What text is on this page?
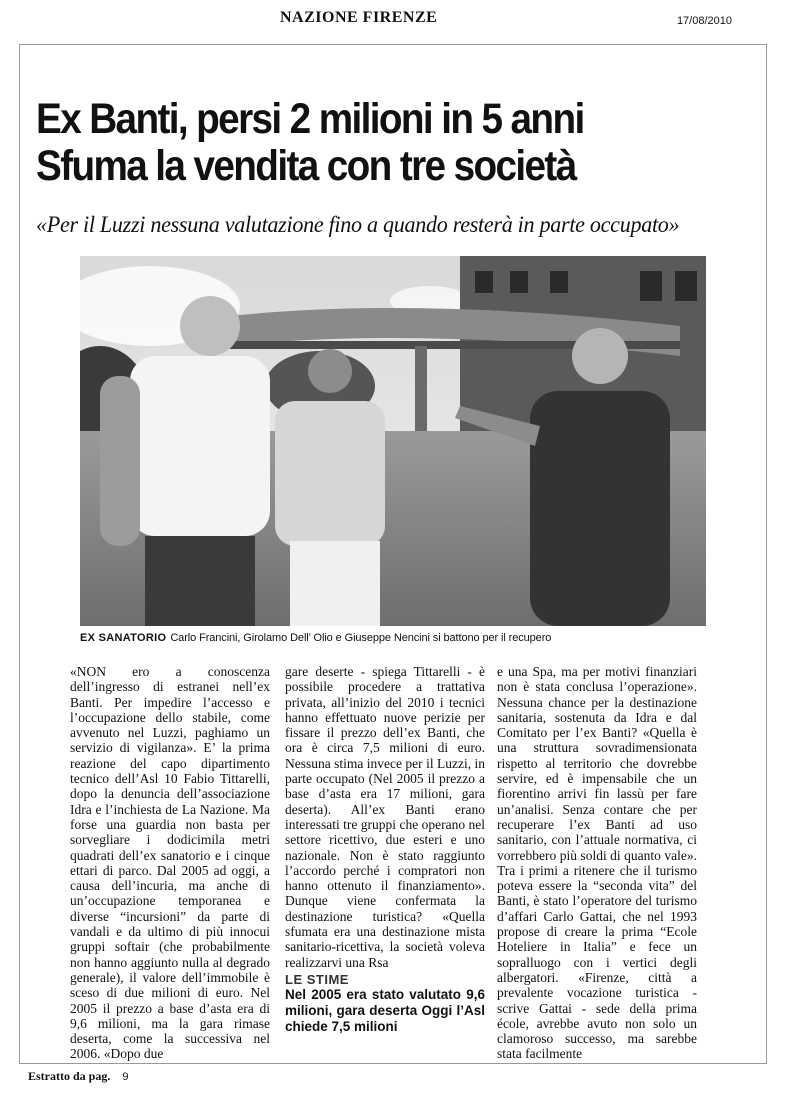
NAZIONE FIRENZE	17/08/2010
Ex Banti, persi 2 milioni in 5 anni
Sfuma la vendita con tre società
«Per il Luzzi nessuna valutazione fino a quando resterà in parte occupato»
EX SANATORIO Carlo Francini, Girolamo Dell’ Olio e Giuseppe Nencini si battono per il recupero
«NON ero a conoscenza dell’ingresso di estranei nell’ex Banti. Per impedire l’accesso e l’occupazione dello stabile, come avvenuto nel Luzzi, paghiamo un servizio di vigilanza». E’ la prima reazione del capo dipartimento tecnico dell’Asl 10 Fabio Tittarelli, dopo la denuncia dell’associazione Idra e l’inchiesta de La Nazione. Ma forse una guardia non basta per sorvegliare i dodicimila metri quadrati dell’ex sanatorio e i cinque ettari di parco. Dal 2005 ad oggi, a causa dell’incuria, ma anche di un’occupazione temporanea e diverse “incursioni” da parte di vandali e da ultimo di più innocui gruppi softair (che probabilmente non hanno aggiunto nulla al degrado generale), il valore dell’immobile è sceso di due milioni di euro. Nel 2005 il prezzo a base d’asta era di 9,6 milioni, ma la gara rimase deserta, come la successiva nel 2006. «Dopo due
gare deserte - spiega Tittarelli - è possibile procedere a trattativa privata, all’inizio del 2010 i tecnici hanno effettuato nuove perizie per fissare il prezzo dell’ex Banti, che ora è circa 7,5 milioni di euro. Nessuna stima invece per il Luzzi, in parte occupato (Nel 2005 il prezzo a base d’asta era 17 milioni, gara deserta). All’ex Banti erano interessati tre gruppi che operano nel settore ricettivo, due esteri e uno nazionale. Non è stato raggiunto l’accordo perché i compratori non hanno ottenuto il finanziamento». Dunque viene confermata la destinazione turistica? «Quella sfumata era una destinazione mista sanitario-ricettiva, la società voleva realizzarvi una Rsa
LE STIME
Nel 2005 era stato valutato 9,6 milioni, gara deserta Oggi l’Asl chiede 7,5 milioni
e una Spa, ma per motivi finanziari non è stata conclusa l’operazione». Nessuna chance per la destinazione sanitaria, sostenuta da Idra e dal Comitato per l’ex Banti? «Quella è una struttura sovradimensionata rispetto al territorio che dovrebbe servire, ed è impensabile che un fiorentino arrivi fin lassù per fare un’analisi. Senza contare che per recuperare l’ex Banti ad uso sanitario, con l’attuale normativa, ci vorrebbero più soldi di quanto vale». Tra i primi a ritenere che il turismo poteva essere la “seconda vita” del Banti, è stato l’operatore del turismo d’affari Carlo Gattai, che nel 1993 propose di creare la prima “Ecole Hoteliere in Italia” e fece un sopralluogo con i vertici degli albergatori. «Firenze, città a prevalente vocazione turistica - scrive Gattai - sede della prima école, avrebbe avuto non solo un clamoroso successo, ma sarebbe stata facilmente
Estratto da pag. 9
